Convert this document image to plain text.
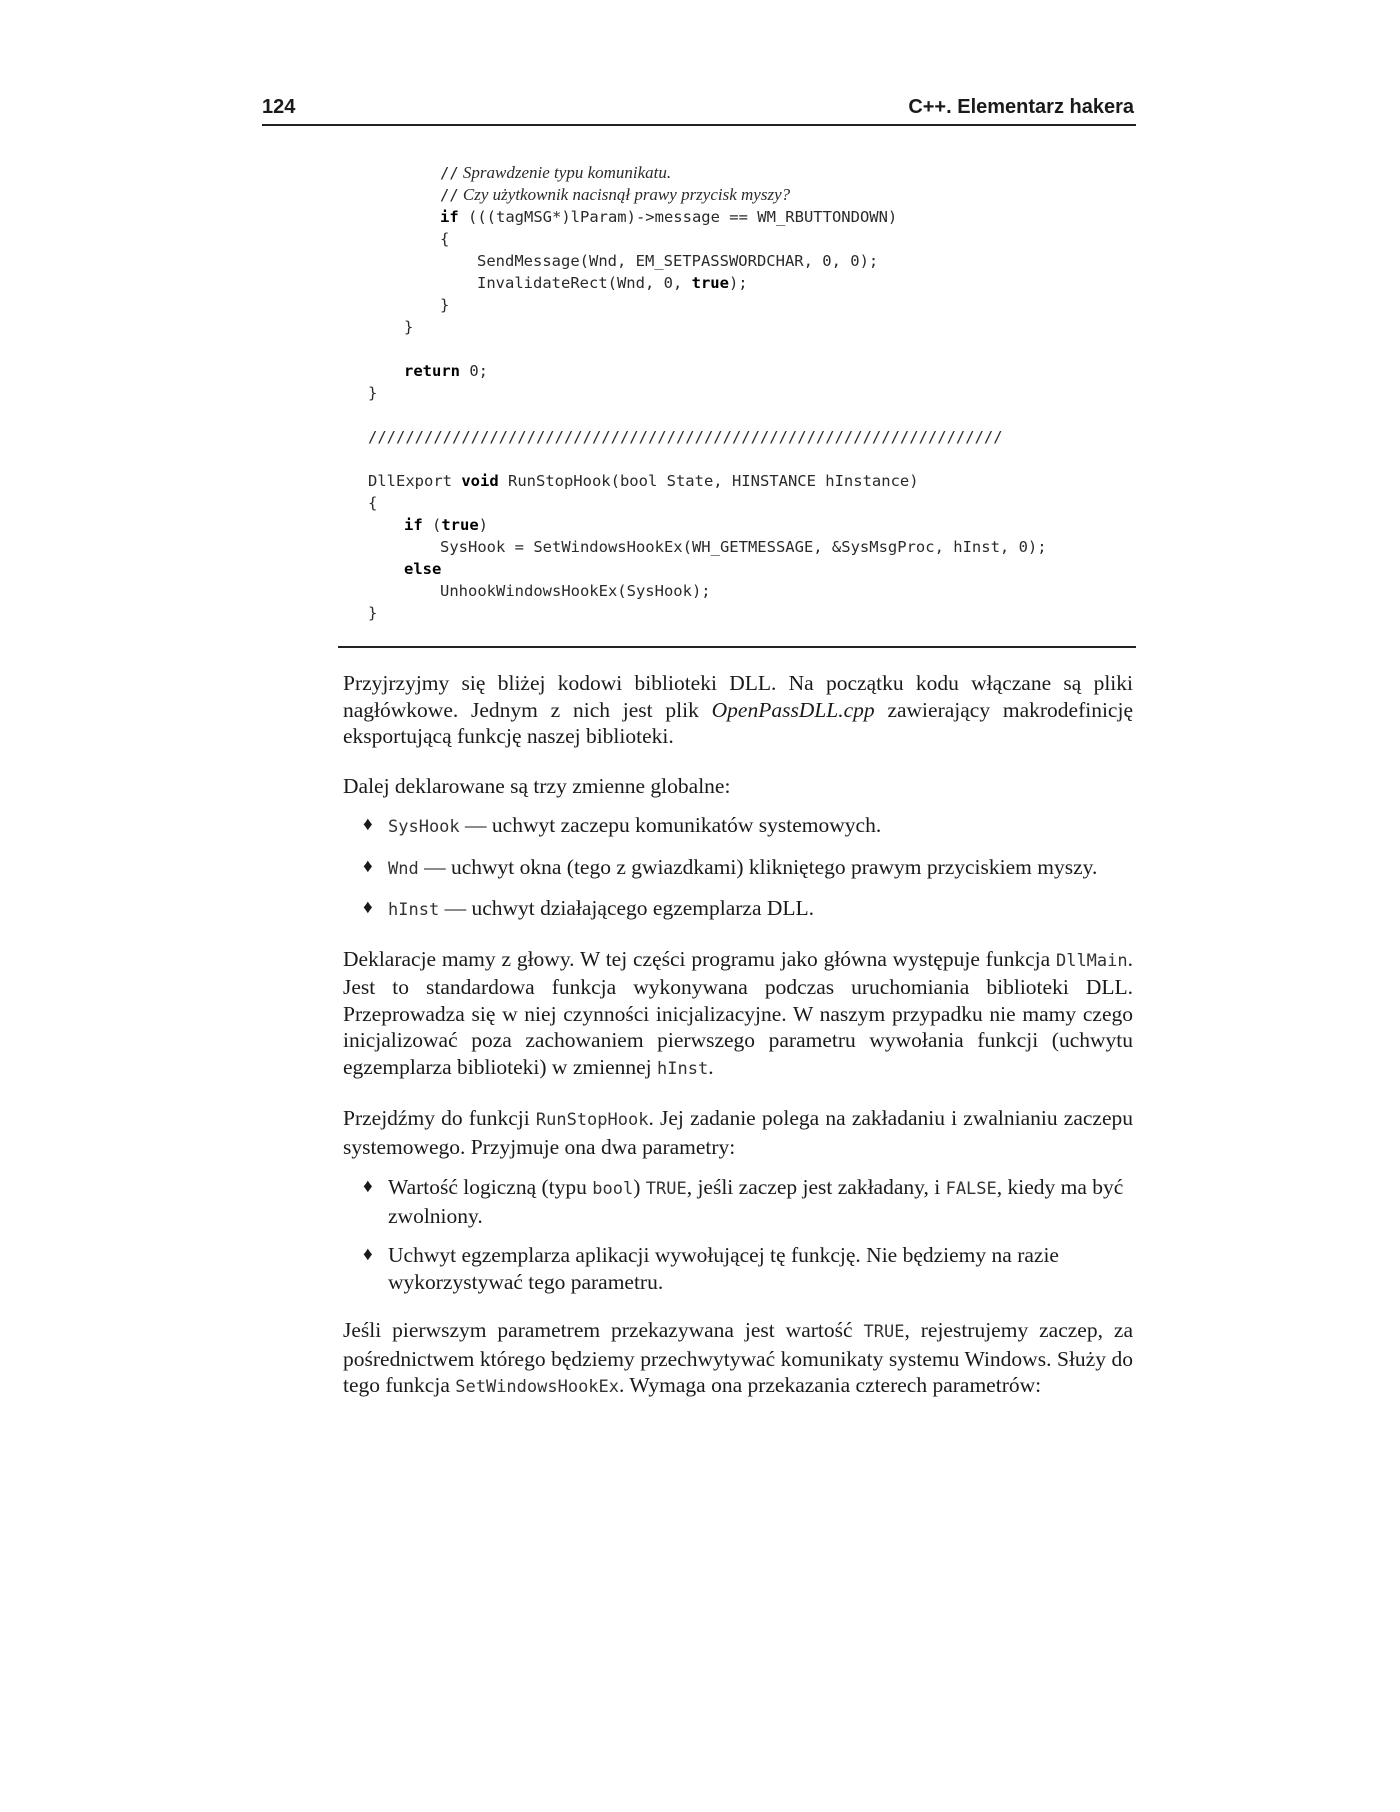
124	C++. Elementarz hakera
// Sprawdzenie typu komunikatu.
// Czy użytkownik nacisnął prawy przycisk myszy?
if (((tagMSG*)lParam)->message == WM_RBUTTONDOWN)
{
SendMessage(Wnd, EM_SETPASSWORDCHAR, 0, 0);
InvalidateRect(Wnd, 0, true);
}
}
return 0;
}
////////////////////////////////////////////////////////////////////
DllExport void RunStopHook(bool State, HINSTANCE hInstance)
{
if (true)
SysHook = SetWindowsHookEx(WH_GETMESSAGE, &SysMsgProc, hInst, 0);
else
UnhookWindowsHookEx(SysHook);
}

Przyjrzyjmy się bliżej kodowi biblioteki DLL. Na początku kodu włączane są pliki nagłówkowe. Jednym z nich jest plik OpenPassDLL.cpp zawierający makrodefinicję eksportującą funkcję naszej biblioteki.

Dalej deklarowane są trzy zmienne globalne:

♦ SysHook — uchwyt zaczepu komunikatów systemowych.
♦ Wnd — uchwyt okna (tego z gwiazdkami) klikniętego prawym przyciskiem myszy.
♦ hInst — uchwyt działającego egzemplarza DLL.

Deklaracje mamy z głowy. W tej części programu jako główna występuje funkcja DllMain. Jest to standardowa funkcja wykonywana podczas uruchomiania biblioteki DLL. Przeprowadza się w niej czynności inicjalizacyjne. W naszym przypadku nie mamy czego inicjalizować poza zachowaniem pierwszego parametru wywołania funkcji (uchwytu egzemplarza biblioteki) w zmiennej hInst.

Przejdźmy do funkcji RunStopHook. Jej zadanie polega na zakładaniu i zwalnianiu zaczepu systemowego. Przyjmuje ona dwa parametry:

♦ Wartość logiczną (typu bool) TRUE, jeśli zaczep jest zakładany, i FALSE, kiedy ma być zwolniony.
♦ Uchwyt egzemplarza aplikacji wywołującej tę funkcję. Nie będziemy na razie wykorzystywać tego parametru.

Jeśli pierwszym parametrem przekazywana jest wartość TRUE, rejestrujemy zaczep, za pośrednictwem którego będziemy przechwytywać komunikaty systemu Windows. Służy do tego funkcja SetWindowsHookEx. Wymaga ona przekazania czterech parametrów:
